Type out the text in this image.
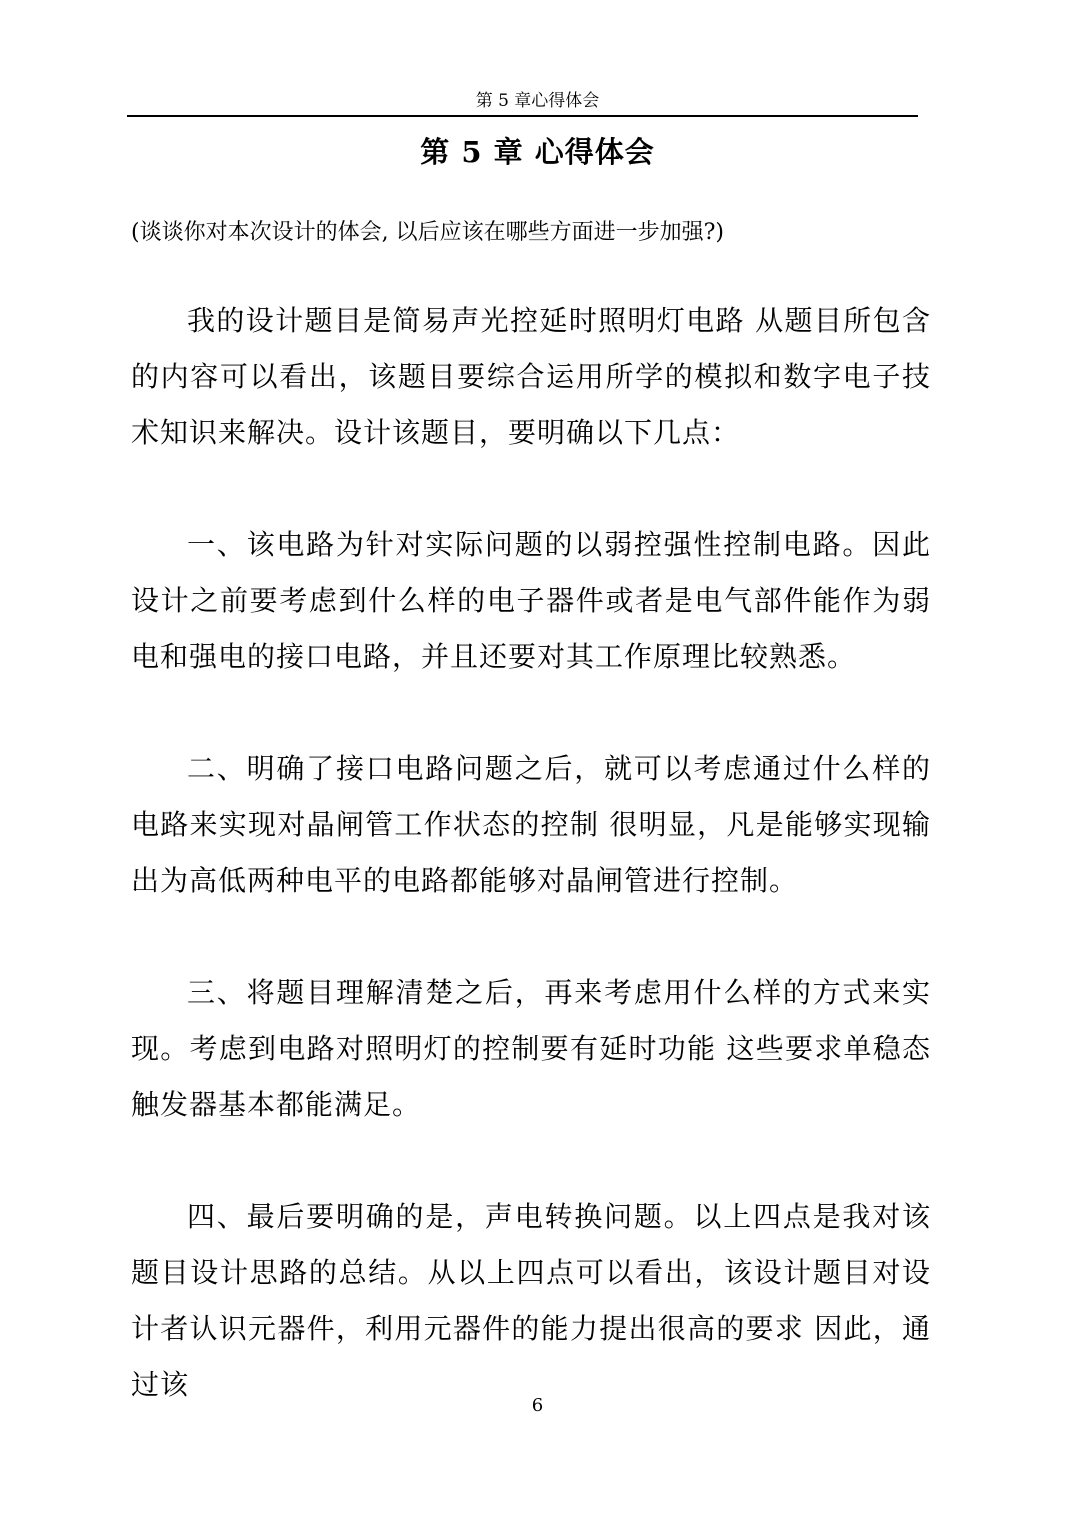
第 5 章心得体会
第 5 章 心得体会
(谈谈你对本次设计的体会, 以后应该在哪些方面进一步加强?)

我的设计题目是简易声光控延时照明灯电路 从题目所包含的内容可以看出，该题目要综合运用所学的模拟和数字电子技术知识来解决。设计该题目，要明确以下几点：

一、该电路为针对实际问题的以弱控强性控制电路。因此设计之前要考虑到什么样的电子器件或者是电气部件能作为弱电和强电的接口电路，并且还要对其工作原理比较熟悉。

二、明确了接口电路问题之后，就可以考虑通过什么样的电路来实现对晶闸管工作状态的控制 很明显，凡是能够实现输出为高低两种电平的电路都能够对晶闸管进行控制。

三、将题目理解清楚之后，再来考虑用什么样的方式来实现。考虑到电路对照明灯的控制要有延时功能 这些要求单稳态触发器基本都能满足。

四、最后要明确的是，声电转换问题。以上四点是我对该题目设计思路的总结。从以上四点可以看出，该设计题目对设计者认识元器件，利用元器件的能力提出很高的要求 因此，通过该

6
